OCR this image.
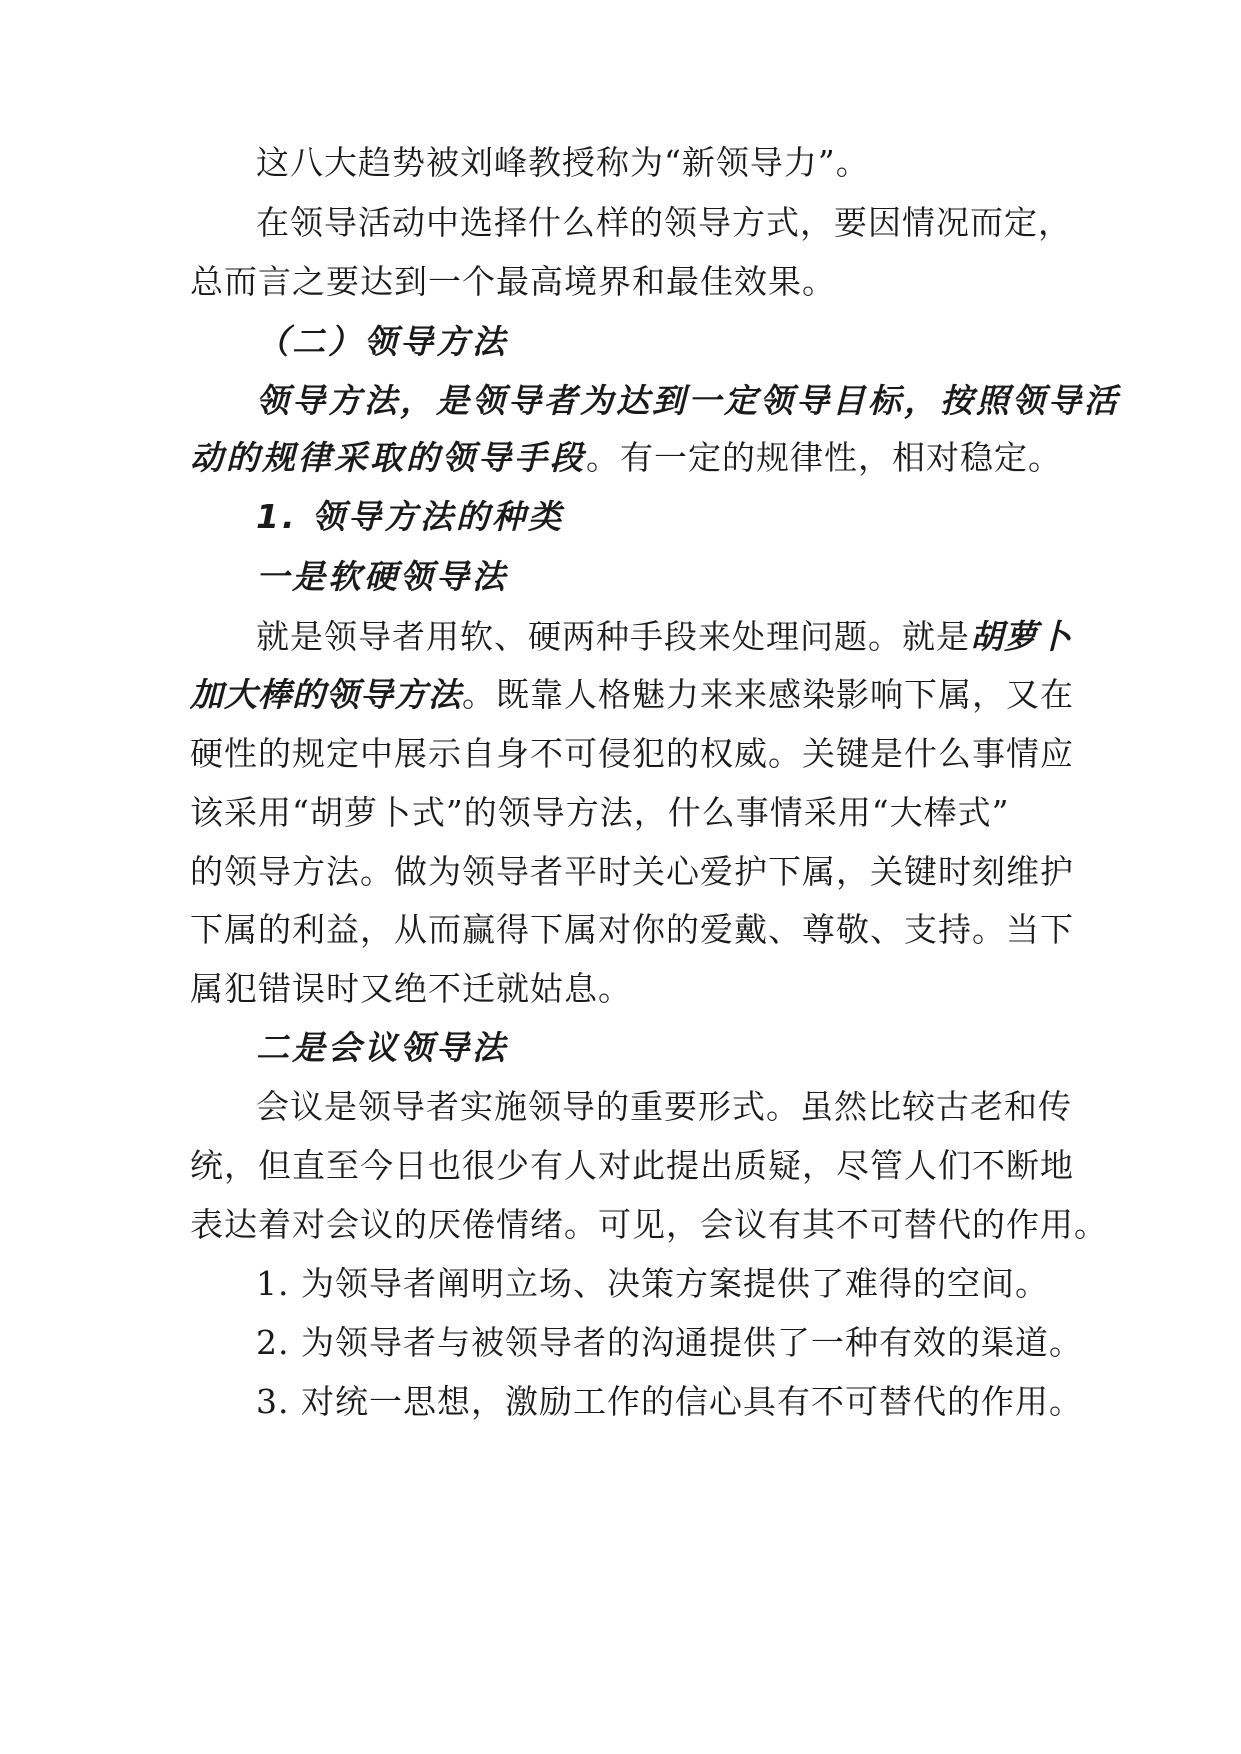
这八大趋势被刘峰教授称为“新领导力”。
在领导活动中选择什么样的领导方式，要因情况而定，
总而言之要达到一个最高境界和最佳效果。
（二）领导方法
领导方法，是领导者为达到一定领导目标，按照领导活
动的规律采取的领导手段。有一定的规律性，相对稳定。
1. 领导方法的种类
一是软硬领导法
就是领导者用软、硬两种手段来处理问题。就是胡萝卜
加大棒的领导方法。既靠人格魅力来来感染影响下属，又在
硬性的规定中展示自身不可侵犯的权威。关键是什么事情应
该采用“胡萝卜式”的领导方法，什么事情采用“大棒式”
的领导方法。做为领导者平时关心爱护下属，关键时刻维护
下属的利益，从而赢得下属对你的爱戴、尊敬、支持。当下
属犯错误时又绝不迁就姑息。
二是会议领导法
会议是领导者实施领导的重要形式。虽然比较古老和传
统，但直至今日也很少有人对此提出质疑，尽管人们不断地
表达着对会议的厌倦情绪。可见，会议有其不可替代的作用。
1. 为领导者阐明立场、决策方案提供了难得的空间。
2. 为领导者与被领导者的沟通提供了一种有效的渠道。
3. 对统一思想，激励工作的信心具有不可替代的作用。
